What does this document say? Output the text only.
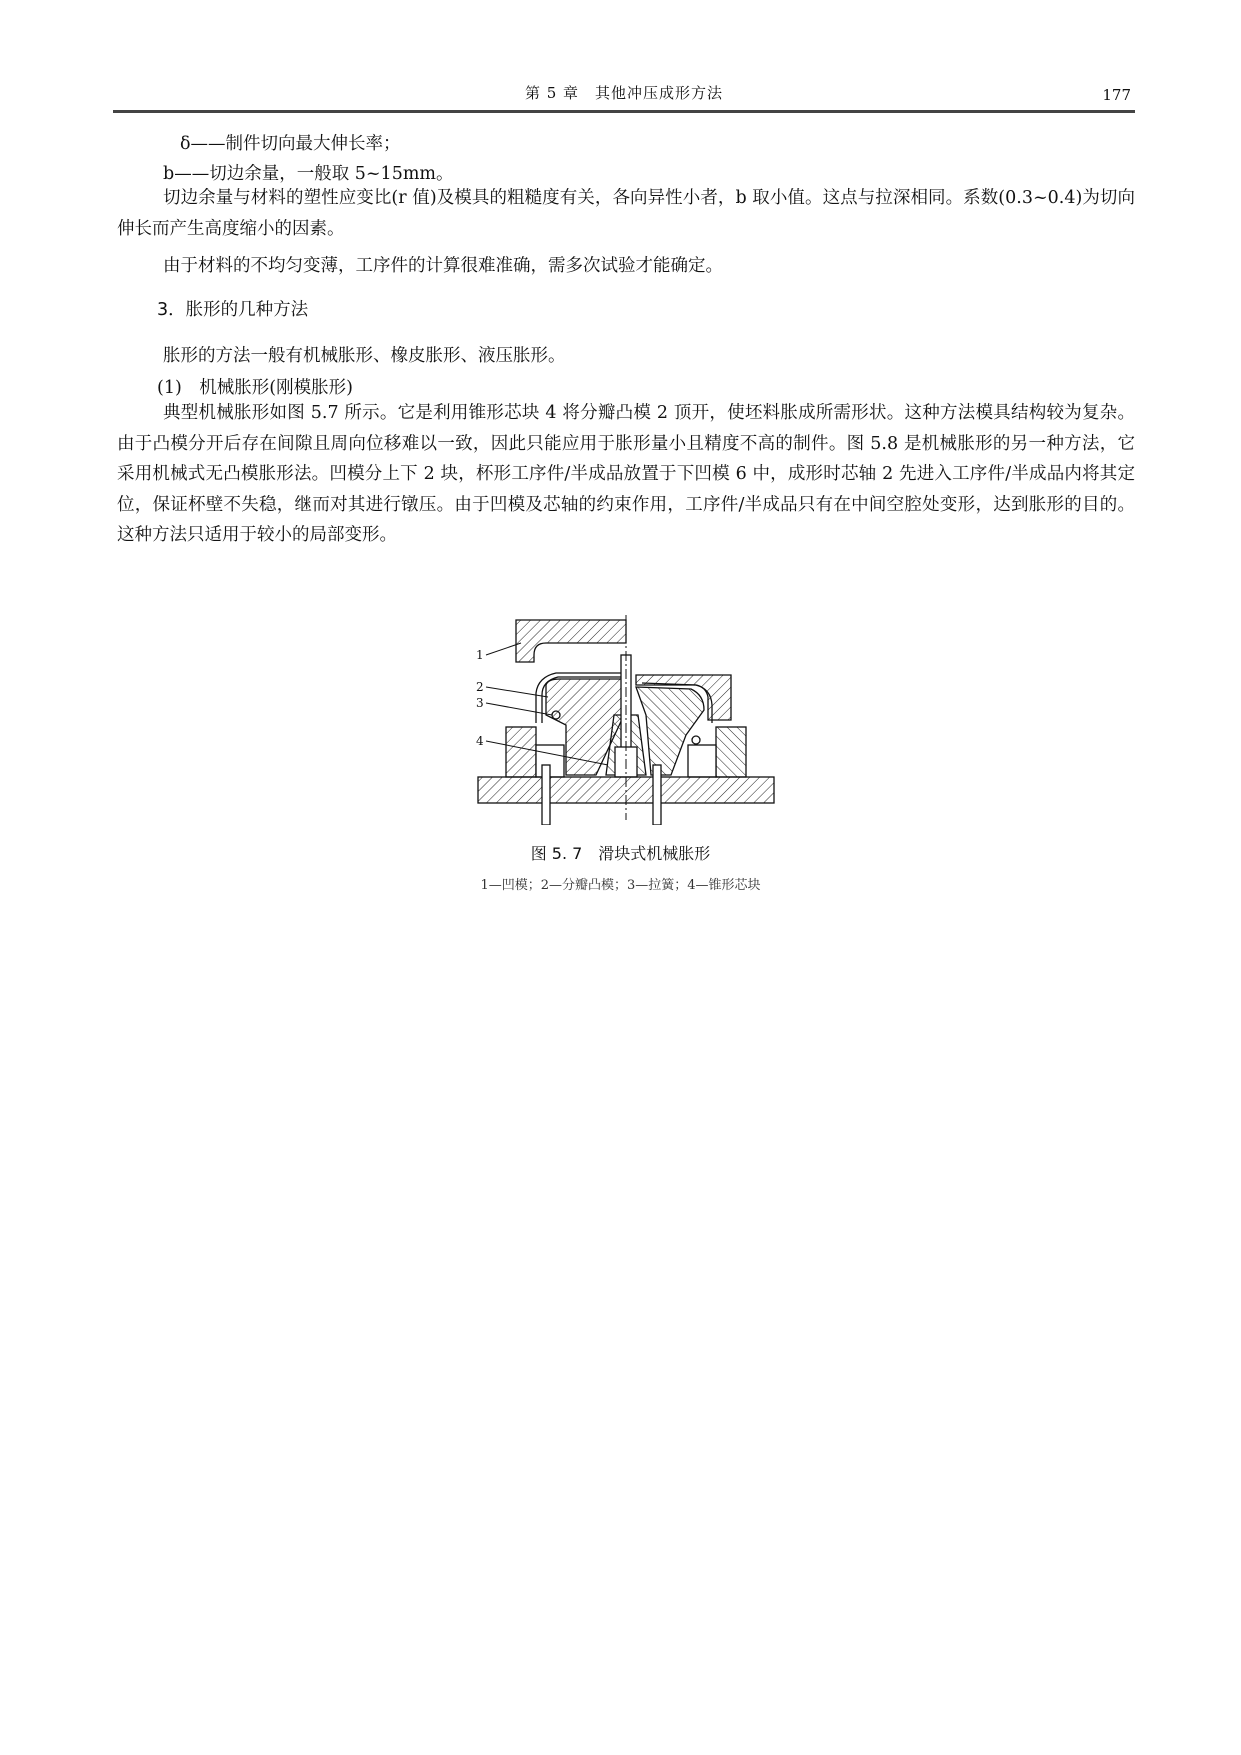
第 5 章　其他冲压成形方法	177
δ——制件切向最大伸长率；
b——切边余量，一般取 5~15mm。
切边余量与材料的塑性应变比(r 值)及模具的粗糙度有关，各向异性小者，b 取小值。这点与拉深相同。系数(0.3~0.4)为切向伸长而产生高度缩小的因素。
由于材料的不均匀变薄，工序件的计算很难准确，需多次试验才能确定。
3．胀形的几种方法
胀形的方法一般有机械胀形、橡皮胀形、液压胀形。
(1)　机械胀形(刚模胀形)
典型机械胀形如图 5.7 所示。它是利用锥形芯块 4 将分瓣凸模 2 顶开，使坯料胀成所需形状。这种方法模具结构较为复杂。由于凸模分开后存在间隙且周向位移难以一致，因此只能应用于胀形量小且精度不高的制件。图 5.8 是机械胀形的另一种方法，它采用机械式无凸模胀形法。凹模分上下 2 块，杯形工序件/半成品放置于下凹模 6 中，成形时芯轴 2 先进入工序件/半成品内将其定位，保证杯壁不失稳，继而对其进行镦压。由于凹模及芯轴的约束作用，工序件/半成品只有在中间空腔处变形，达到胀形的目的。这种方法只适用于较小的局部变形。
1
2
3
4
图 5. 7　滑块式机械胀形
1—凹模；2—分瓣凸模；3—拉簧；4—锥形芯块
